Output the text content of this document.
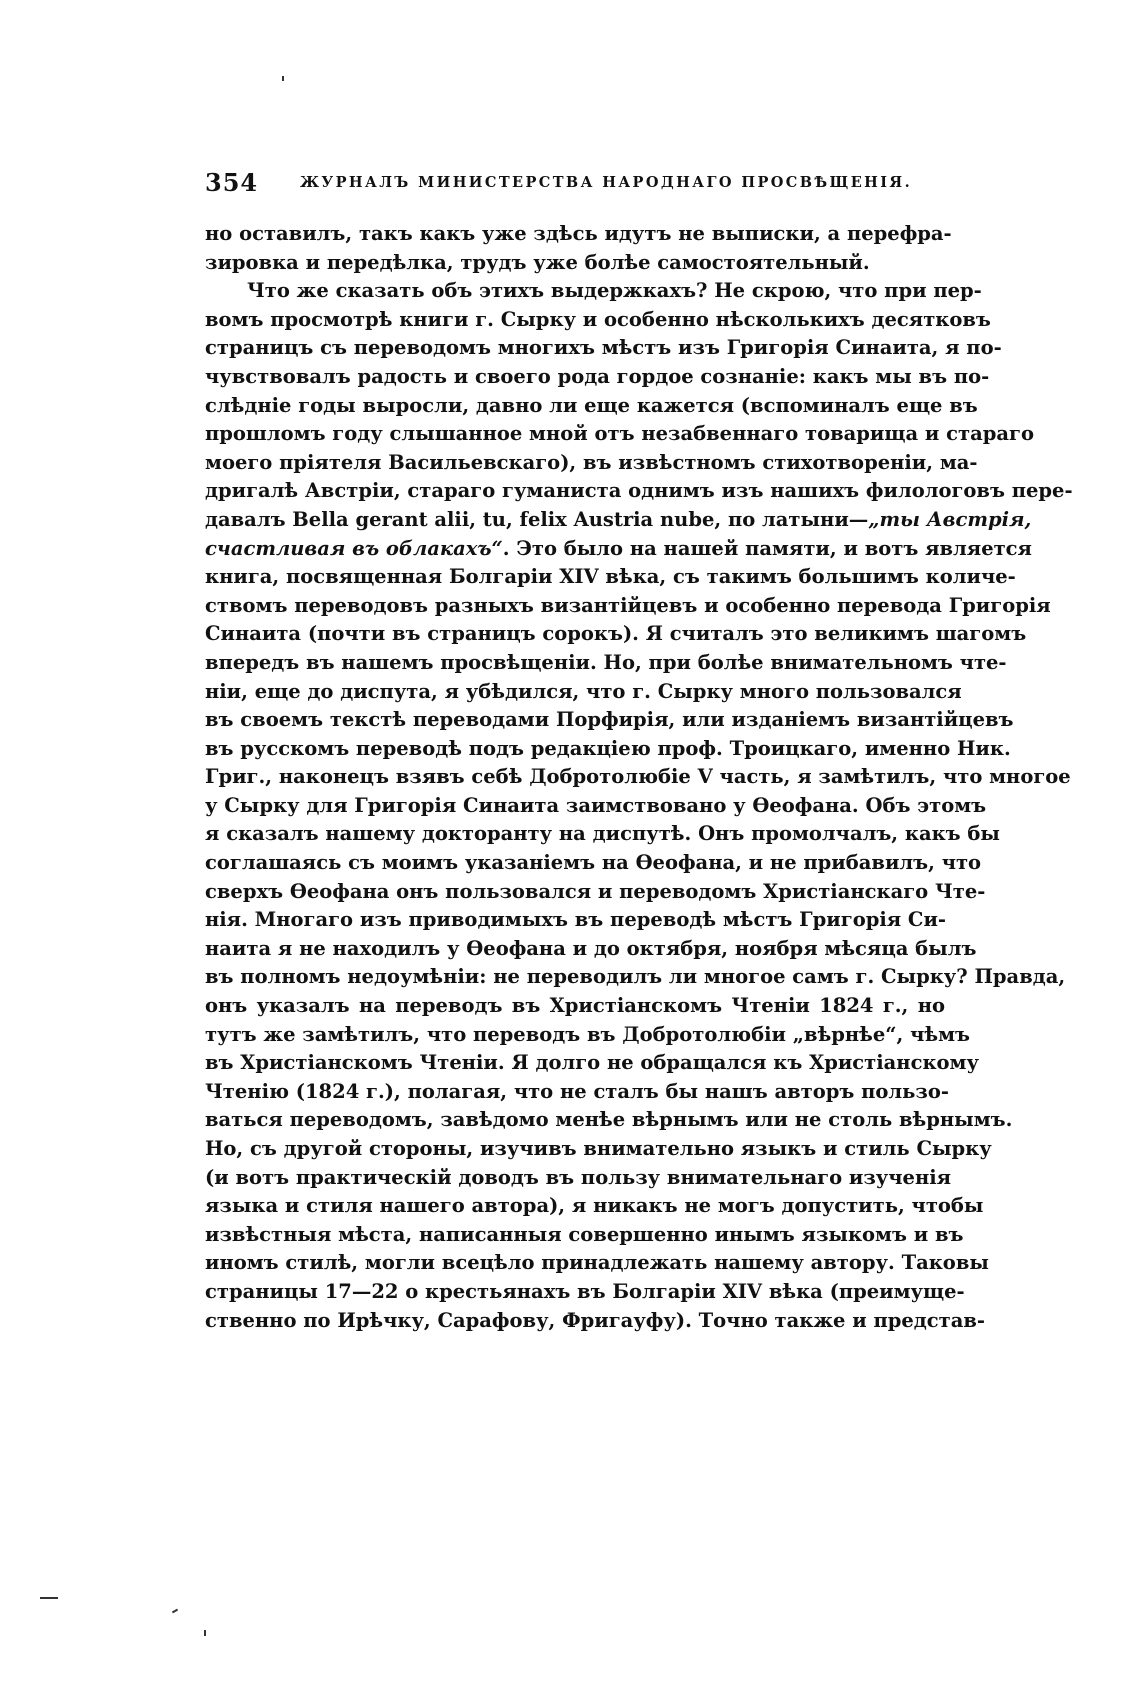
354	ЖУРНАЛЪ МИНИСТЕРСТВА НАРОДНАГО ПРОСВѢЩЕНІЯ.
но оставилъ, такъ какъ уже здѣсь идутъ не выписки, а перефра-
зировка и передѣлка, трудъ уже болѣе самостоятельный.
Что же сказать объ этихъ выдержкахъ? Не скрою, что при пер-
вомъ просмотрѣ книги г. Сырку и особенно нѣсколькихъ десятковъ
страницъ съ переводомъ многихъ мѣстъ изъ Григорія Синаита, я по-
чувствовалъ радость и своего рода гордое сознаніе: какъ мы въ по-
слѣдніе годы выросли, давно ли еще кажется (вспоминалъ еще въ
прошломъ году слышанное мной отъ незабвеннаго товарища и стараго
моего пріятеля Васильевскаго), въ извѣстномъ стихотвореніи, ма-
дригалѣ Австріи, стараго гуманиста однимъ изъ нашихъ филологовъ пере-
давалъ Bella gerant alii, tu, felix Austria nube, по латыни—„ты Австрія,
счастливая въ облакахъ“. Это было на нашей памяти, и вотъ является
книга, посвященная Болгаріи XIV вѣка, съ такимъ большимъ количе-
ствомъ переводовъ разныхъ византійцевъ и особенно перевода Григорія
Синаита (почти въ страницъ сорокъ). Я считалъ это великимъ шагомъ
впередъ въ нашемъ просвѣщеніи. Но, при болѣе внимательномъ чте-
ніи, еще до диспута, я убѣдился, что г. Сырку много пользовался
въ своемъ текстѣ переводами Порфирія, или изданіемъ византійцевъ
въ русскомъ переводѣ подъ редакціею проф. Троицкаго, именно Ник.
Григ., наконецъ взявъ себѣ Добротолюбіе V часть, я замѣтилъ, что многое
у Сырку для Григорія Синаита заимствовано у Ѳеофана. Объ этомъ
я сказалъ нашему докторанту на диспутѣ. Онъ промолчалъ, какъ бы
соглашаясь съ моимъ указаніемъ на Ѳеофана, и не прибавилъ, что
сверхъ Ѳеофана онъ пользовался и переводомъ Христіанскаго Чте-
нія. Многаго изъ приводимыхъ въ переводѣ мѣстъ Григорія Си-
наита я не находилъ у Ѳеофана и до октября, ноября мѣсяца былъ
въ полномъ недоумѣніи: не переводилъ ли многое самъ г. Сырку? Правда,
онъ указалъ на переводъ въ Христіанскомъ Чтеніи 1824 г., но
тутъ же замѣтилъ, что переводъ въ Добротолюбіи „вѣрнѣе“, чѣмъ
въ Христіанскомъ Чтеніи. Я долго не обращался къ Христіанскому
Чтенію (1824 г.), полагая, что не сталъ бы нашъ авторъ пользо-
ваться переводомъ, завѣдомо менѣе вѣрнымъ или не столь вѣрнымъ.
Но, съ другой стороны, изучивъ внимательно языкъ и стиль Сырку
(и вотъ практическій доводъ въ пользу внимательнаго изученія
языка и стиля нашего автора), я никакъ не могъ допустить, чтобы
извѣстныя мѣста, написанныя совершенно инымъ языкомъ и въ
иномъ стилѣ, могли всецѣло принадлежать нашему автору. Таковы
страницы 17—22 о крестьянахъ въ Болгаріи XIV вѣка (преимуще-
ственно по Ирѣчку, Сарафову, Фригауфу). Точно также и представ-
